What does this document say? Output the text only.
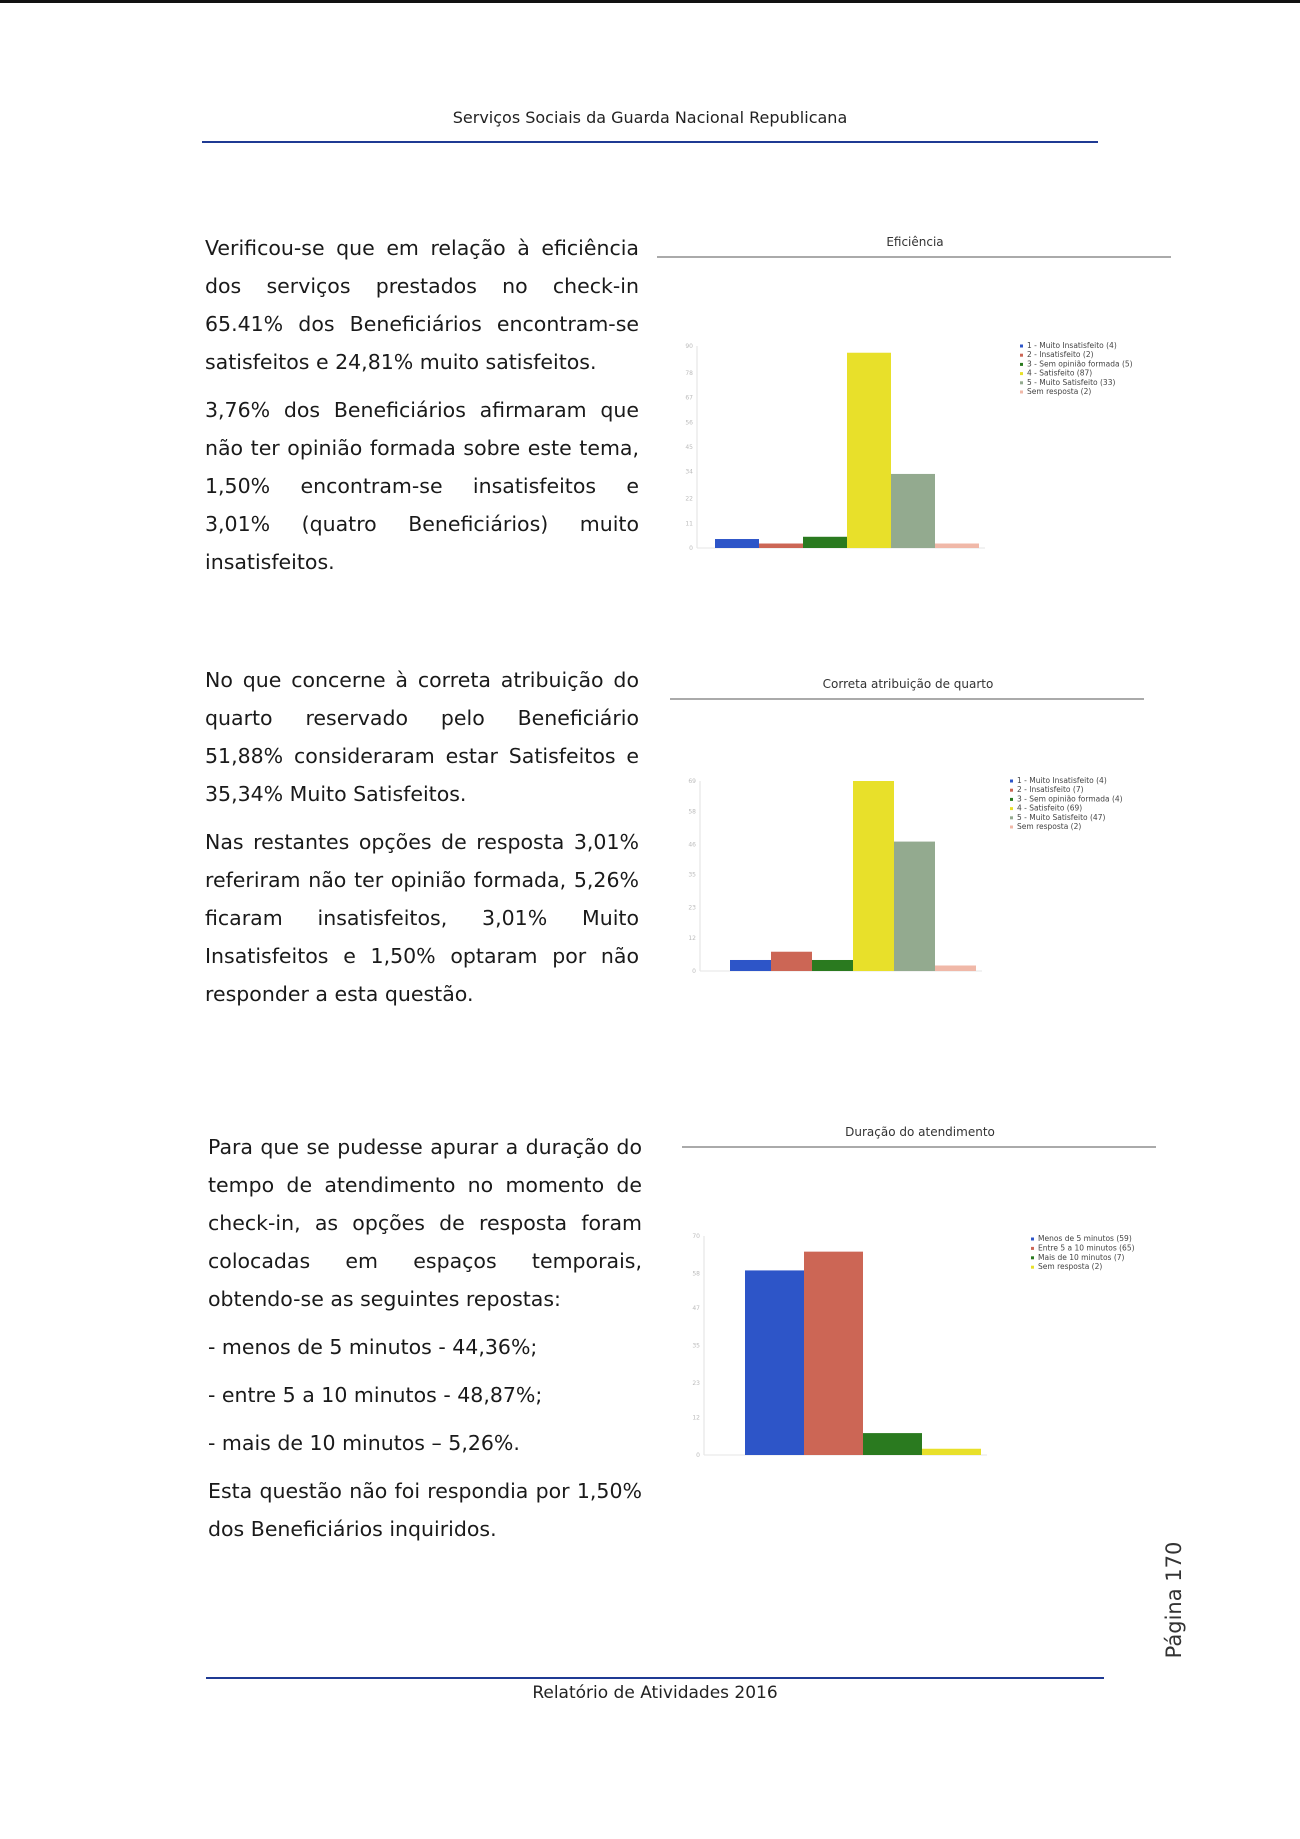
Serviços Sociais da Guarda Nacional Republicana

Verificou-se que em relação à eficiência dos serviços prestados no check-in 65.41% dos Beneficiários encontram-se satisfeitos e 24,81% muito satisfeitos.

3,76% dos Beneficiários afirmaram que não ter opinião formada sobre este tema, 1,50% encontram-se insatisfeitos e 3,01% (quatro Beneficiários) muito insatisfeitos.

Eficiência
0
11
22
34
45
56
67
78
90	1 - Muito Insatisfeito (4)
2 - Insatisfeito (2)
3 - Sem opinião formada (5)
4 - Satisfeito (87)
5 - Muito Satisfeito (33)
Sem resposta (2)

No que concerne à correta atribuição do quarto reservado pelo Beneficiário 51,88% consideraram estar Satisfeitos e 35,34% Muito Satisfeitos.

Nas restantes opções de resposta 3,01% referiram não ter opinião formada, 5,26% ficaram insatisfeitos, 3,01% Muito Insatisfeitos e 1,50% optaram por não responder a esta questão.

Correta atribuição de quarto
0
12
23
35
46
58
69	1 - Muito Insatisfeito (4)
2 - Insatisfeito (7)
3 - Sem opinião formada (4)
4 - Satisfeito (69)
5 - Muito Satisfeito (47)
Sem resposta (2)

Para que se pudesse apurar a duração do tempo de atendimento no momento de check-in, as opções de resposta foram colocadas em espaços temporais, obtendo-se as seguintes repostas:

- menos de 5 minutos - 44,36%;

- entre 5 a 10 minutos - 48,87%;

- mais de 10 minutos – 5,26%.

Esta questão não foi respondia por 1,50% dos Beneficiários inquiridos.

Duração do atendimento
0
12
23
35
47
58
70	Menos de 5 minutos (59)
Entre 5 a 10 minutos (65)
Mais de 10 minutos (7)
Sem resposta (2)
Página 170
Relatório de Atividades 2016
